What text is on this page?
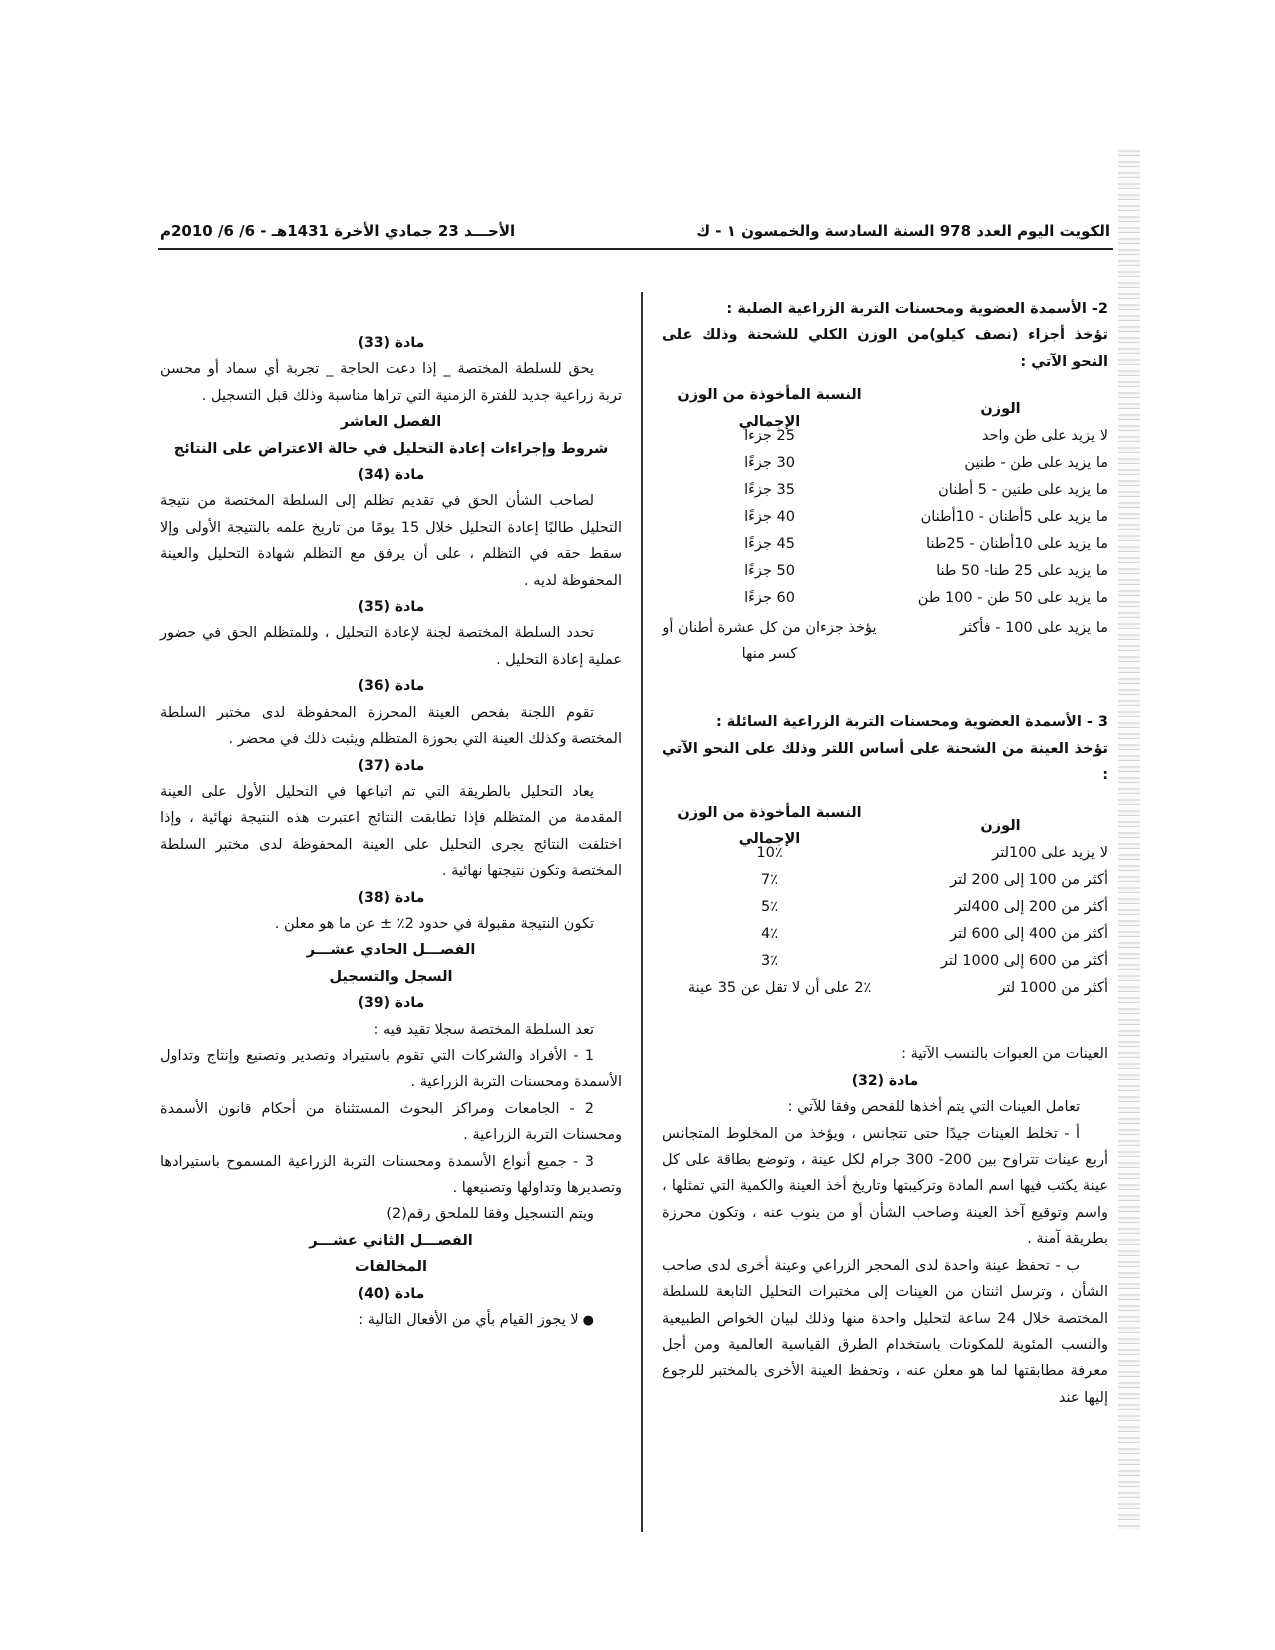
الكويت اليوم العدد 978 السنة السادسة والخمسون ١ - ك
الأحـــد 23 جمادي الأخرة 1431هـ - 6/ 6/ 2010م

2- الأسمدة العضوية ومحسنات التربة الزراعية الصلبة :

تؤخذ أجزاء (نصف كيلو)من الوزن الكلي للشحنة وذلك على النحو الآتي :

الوزن
النسبة المأخوذة من الوزن الإجمالي
لا يزيد على طن واحد
25 جزءا
ما يزيد على طن - طنين
30 جزءًا
ما يزيد على طنين - 5 أطنان
35 جزءًا
ما يزيد على 5أطنان - 10أطنان
40 جزءًا
ما يزيد على 10أطنان - 25طنا
45 جزءًا
ما يزيد على 25 طنا- 50 طنا
50 جزءًا
ما يزيد على 50 طن - 100 طن
60 جزءًا
ما يزيد على 100 - فأكثر
يؤخذ جزءان من كل عشرة أطنان أو كسر منها

3 - الأسمدة العضوية ومحسنات التربة الزراعية السائلة :

تؤخذ العينة من الشحنة على أساس اللتر وذلك على النحو الآتي :

الوزن
النسبة المأخوذة من الوزن الإجمالي
لا يزيد على 100لتر
10٪
أكثر من 100 إلى 200 لتر
7٪
أكثر من 200 إلى 400لتر
5٪
أكثر من 400 إلى 600 لتر
4٪
أكثر من 600 إلى 1000 لتر
3٪
أكثر من 1000 لتر
2٪ على أن لا تقل عن 35 عينة

العينات من العبوات بالنسب الآتية :

مادة (32)

تعامل العينات التي يتم أخذها للفحص وفقا للآتي :

أ - تخلط العينات جيدًا حتى تتجانس ، ويؤخذ من المخلوط المتجانس أربع عينات تتراوح بين 200- 300 جرام لكل عينة ، وتوضع بطاقة على كل عينة يكتب فيها اسم المادة وتركيبتها وتاريخ أخذ العينة والكمية التي تمثلها ، واسم وتوقيع آخذ العينة وصاحب الشأن أو من ينوب عنه ، وتكون محرزة بطريقة آمنة .

ب - تحفظ عينة واحدة لدى المحجر الزراعي وعينة أخرى لدى صاحب الشأن ، وترسل اثنتان من العينات إلى مختبرات التحليل التابعة للسلطة المختصة خلال 24 ساعة لتحليل واحدة منها وذلك لبيان الخواص الطبيعية والنسب المئوية للمكونات باستخدام الطرق القياسية العالمية ومن أجل معرفة مطابقتها لما هو معلن عنه ، وتحفظ العينة الأخرى بالمختبر للرجوع إليها عند

مادة (33)

يحق للسلطة المختصة _ إذا دعت الحاجة _ تجربة أي سماد أو محسن تربة زراعية جديد للفترة الزمنية التي تراها مناسبة وذلك قبل التسجيل .

الفصل العاشر

شروط وإجراءات إعادة التحليل في حالة الاعتراض على النتائج

مادة (34)

لصاحب الشأن الحق في تقديم تظلم إلى السلطة المختصة من نتيجة التحليل طالبًا إعادة التحليل خلال 15 يومًا من تاريخ علمه بالنتيجة الأولى وإلا سقط حقه في التظلم ، على أن يرفق مع التظلم شهادة التحليل والعينة المحفوظة لديه .

مادة (35)

تحدد السلطة المختصة لجنة لإعادة التحليل ، وللمتظلم الحق في حضور عملية إعادة التحليل .

مادة (36)

تقوم اللجنة بفحص العينة المحرزة المحفوظة لدى مختبر السلطة المختصة وكذلك العينة التي بحوزة المتظلم ويثبت ذلك في محضر .

مادة (37)

يعاد التحليل بالطريقة التي تم اتباعها في التحليل الأول على العينة المقدمة من المتظلم فإذا تطابقت النتائج اعتبرت هذه النتيجة نهائية ، وإذا اختلفت النتائج يجرى التحليل على العينة المحفوظة لدى مختبر السلطة المختصة وتكون نتيجتها نهائية .

مادة (38)

تكون النتيجة مقبولة في حدود 2٪ ± عن ما هو معلن .

الفصـــل الحادي عشـــر

السجل والتسجيل

مادة (39)

تعد السلطة المختصة سجلا تقيد فيه :

1 - الأفراد والشركات التي تقوم باستيراد وتصدير وتصنيع وإنتاج وتداول الأسمدة ومحسنات التربة الزراعية .

2 - الجامعات ومراكز البحوث المستثناة من أحكام قانون الأسمدة ومحسنات التربة الزراعية .

3 - جميع أنواع الأسمدة ومحسنات التربة الزراعية المسموح باستيرادها وتصديرها وتداولها وتصنيعها .

ويتم التسجيل وفقا للملحق رقم(2)

الفصـــل الثاني عشـــر

المخالفات

مادة (40)

●لا يجوز القيام بأي من الأفعال التالية :
